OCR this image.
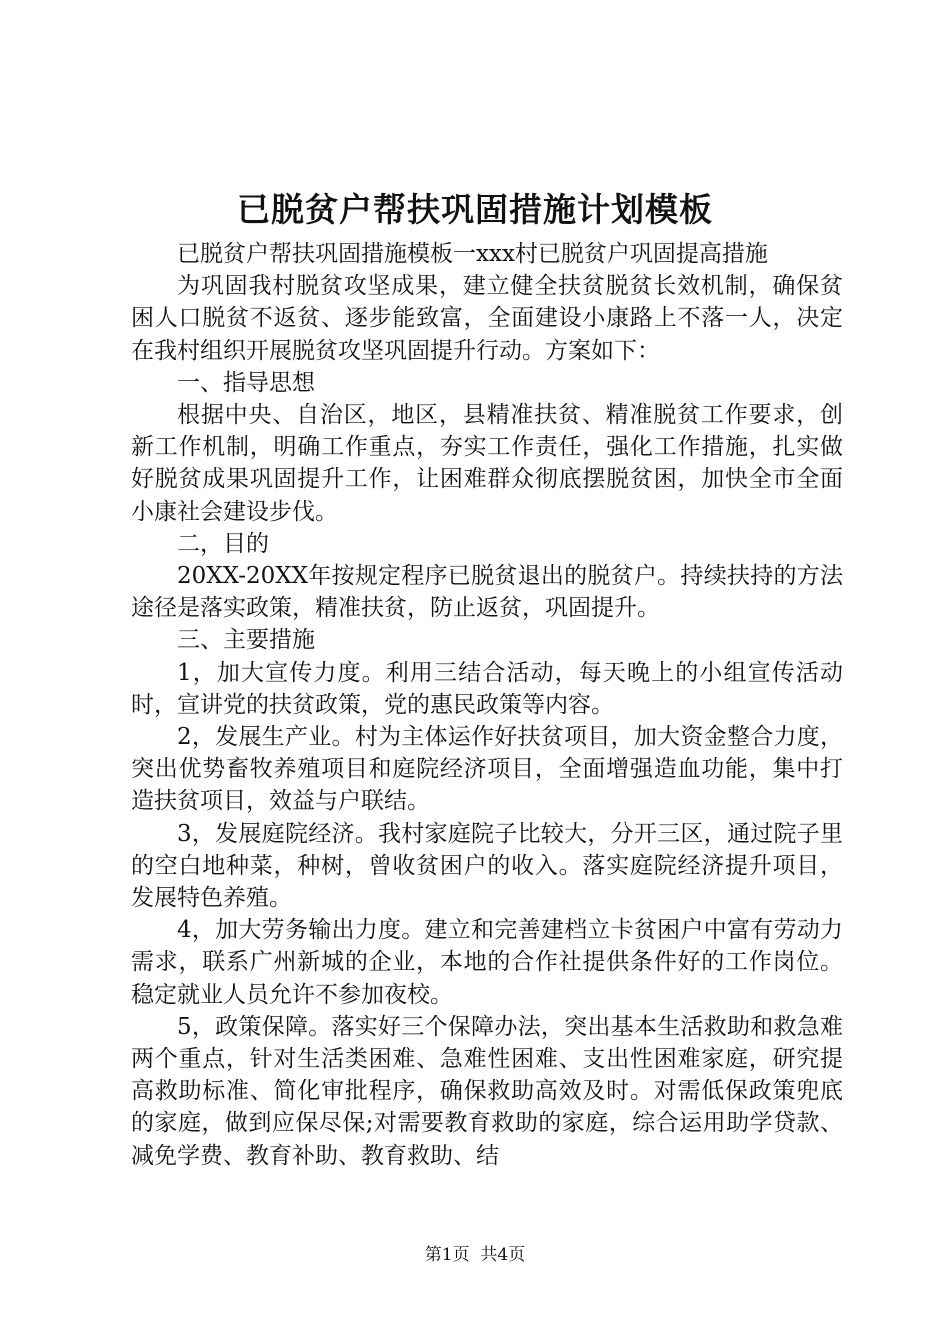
已脱贫户帮扶巩固措施计划模板

已脱贫户帮扶巩固措施模板一xxx村已脱贫户巩固提高措施

为巩固我村脱贫攻坚成果，建立健全扶贫脱贫长效机制，确保贫困人口脱贫不返贫、逐步能致富，全面建设小康路上不落一人，决定在我村组织开展脱贫攻坚巩固提升行动。方案如下：

一、指导思想

根据中央、自治区，地区，县精准扶贫、精准脱贫工作要求，创新工作机制，明确工作重点，夯实工作责任，强化工作措施，扎实做好脱贫成果巩固提升工作，让困难群众彻底摆脱贫困，加快全市全面小康社会建设步伐。

二，目的

20XX-20XX年按规定程序已脱贫退出的脱贫户。持续扶持的方法途径是落实政策，精准扶贫，防止返贫，巩固提升。

三、主要措施

1，加大宣传力度。利用三结合活动，每天晚上的小组宣传活动时，宣讲党的扶贫政策，党的惠民政策等内容。

2，发展生产业。村为主体运作好扶贫项目，加大资金整合力度，突出优势畜牧养殖项目和庭院经济项目，全面增强造血功能，集中打造扶贫项目，效益与户联结。

3，发展庭院经济。我村家庭院子比较大，分开三区，通过院子里的空白地种菜，种树，曾收贫困户的收入。落实庭院经济提升项目，发展特色养殖。

4，加大劳务输出力度。建立和完善建档立卡贫困户中富有劳动力需求，联系广州新城的企业，本地的合作社提供条件好的工作岗位。稳定就业人员允许不参加夜校。

5，政策保障。落实好三个保障办法，突出基本生活救助和救急难两个重点，针对生活类困难、急难性困难、支出性困难家庭，研究提高救助标准、简化审批程序，确保救助高效及时。对需低保政策兜底的家庭，做到应保尽保;对需要教育救助的家庭，综合运用助学贷款、减免学费、教育补助、教育救助、结

第1页  共4页
